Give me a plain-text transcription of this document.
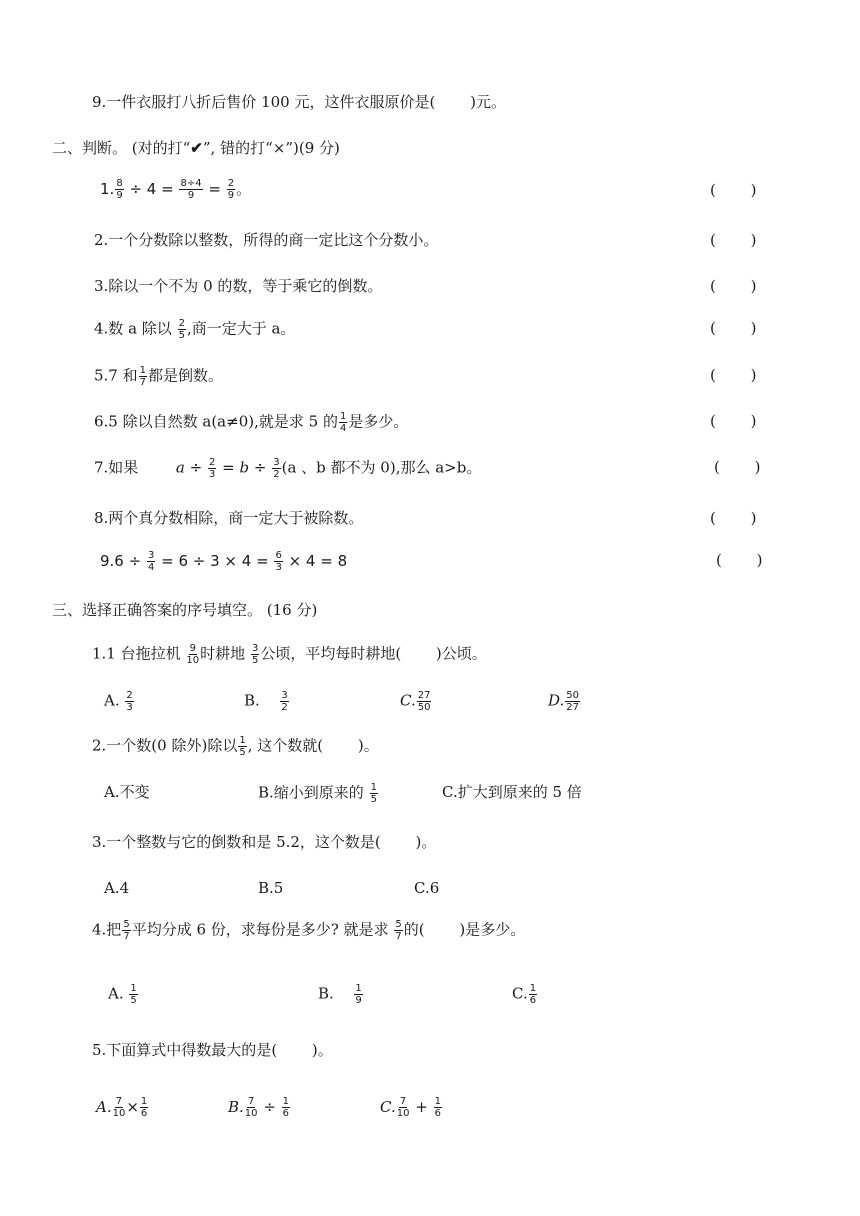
9.一件衣服打八折后售价 100 元，这件衣服原价是(　　 )元。
二、判断。 (对的打“✔”, 错的打“×”)(9 分)
1. $\frac{8}{9} \div 4 = \frac{8\div 4}{9} = \frac{2}{9}$ 。	(　　 )
2.一个分数除以整数，所得的商一定比这个分数小。	(　　 )
3.除以一个不为 0 的数，等于乘它的倒数。	(　　 )
4.数 a 除以 $\frac{2}{5}$ ,商一定大于 a。	(　　 )
5.7 和 $\frac{1}{7}$ 都是倒数。	(　　 )
6.5 除以自然数 a(a≠0),就是求 5 的 $\frac{1}{4}$ 是多少。	(　　 )
7.如果	$a \div \frac{2}{3} = b \div \frac{3}{2} (a$ 、b 都不为 0),那么 a>b。	(　　 )
8.两个真分数相除，商一定大于被除数。	(　　 )
$9.6 \div \frac{3}{4} = 6 \div 3 \times 4 = \frac{6}{3} \times 4 = 8$	(　　 )
三、选择正确答案的序号填空。 (16 分)
1.1 台拖拉机 $\frac{9}{10}$ 时耕地 $\frac{3}{5}$ 公顷，平均每时耕地(　　 )公顷。
A. $\frac{2}{3}$	B. $\frac{3}{2}$	C. $\frac{27}{50}$	D. $\frac{50}{27}$
2.一个数(0 除外)除以 $\frac{1}{5}$ , 这个数就(　　 )。
A.不变	B.缩小到原来的 $\frac{1}{5}$	C.扩大到原来的 5 倍
3.一个整数与它的倒数和是 5.2，这个数是(　　 )。
A.4	B.5	C.6
4.把 $\frac{5}{7}$ 平均分成 6 份，求每份是多少? 就是求 $\frac{5}{7}$ 的(　　 )是多少。
A. $\frac{1}{5}$	B. $\frac{1}{9}$	C. $\frac{1}{6}$
5.下面算式中得数最大的是(　　 )。
A. $\frac{7}{10} \times \frac{1}{6}$	B. $\frac{7}{10} \div \frac{1}{6}$	C. $\frac{7}{10} + \frac{1}{6}$
